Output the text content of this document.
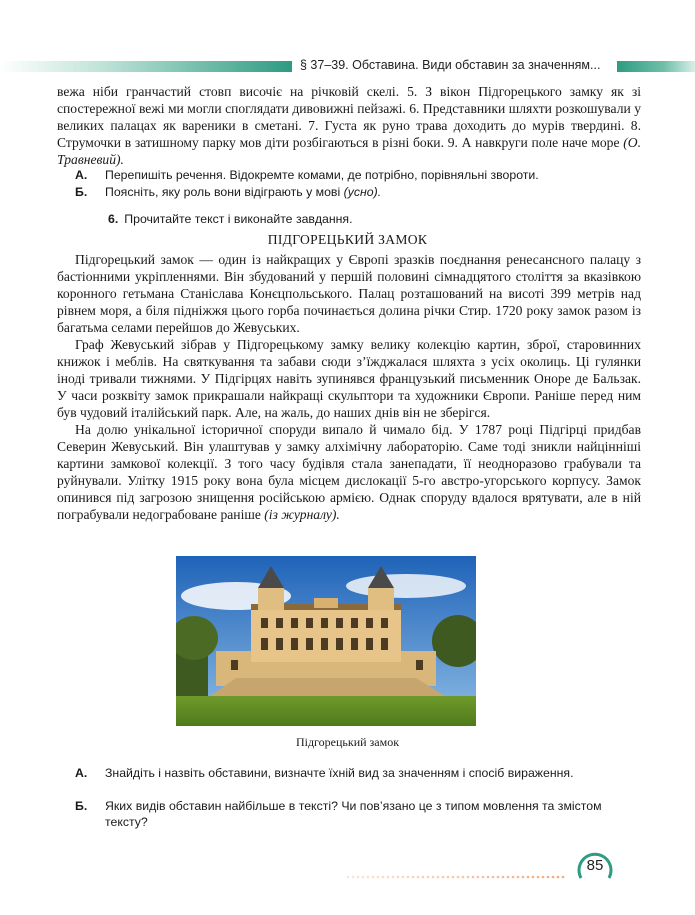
§ 37–39. Обставина. Види обставин за значенням...

вежа ніби гранчастий стовп височіє на річковій скелі. 5. З вікон Підгорецького замку як зі спостережної вежі ми могли споглядати дивовижні пейзажі. 6. Представники шляхти розкошували у великих палацах як вареники в сметані. 7. Густа як руно трава доходить до мурів твердині. 8. Струмочки в затишному парку мов діти розбігаються в різні боки. 9. А навкруги поле наче море (О. Травневий).

А. Перепишіть речення. Відокремте комами, де потрібно, порівняльні звороти.
Б. Поясніть, яку роль вони відіграють у мові (усно).
6. Прочитайте текст і виконайте завдання.
ПІДГОРЕЦЬКИЙ ЗАМОК

Підгорецький замок — один із найкращих у Європі зразків поєднання ренесансного палацу з бастіонними укріпленнями. Він збудований у першій половині сімнадцятого століття за вказівкою коронного гетьмана Станіслава Конєцпольського. Палац розташований на висоті 399 метрів над рівнем моря, а біля підніжжя цього горба починається долина річки Стир. 1720 року замок разом із багатьма селами перейшов до Жевуських.

Граф Жевуський зібрав у Підгорецькому замку велику колекцію картин, зброї, старовинних книжок і меблів. На святкування та забави сюди з’їжджалася шляхта з усіх околиць. Ці гулянки іноді тривали тижнями. У Підгірцях навіть зупинявся французький письменник Оноре де Бальзак. У часи розквіту замок прикрашали найкращі скульптори та художники Європи. Раніше перед ним був чудовий італійський парк. Але, на жаль, до наших днів він не зберігся.

На долю унікальної історичної споруди випало й чимало бід. У 1787 році Підгірці придбав Северин Жевуський. Він улаштував у замку алхімічну лабораторію. Саме тоді зникли найцінніші картини замкової колекції. З того часу будівля стала занепадати, її неодноразово грабували та руйнували. Улітку 1915 року вона була місцем дислокації 5-го австро-угорського корпусу. Замок опинився під загрозою знищення російською армією. Однак споруду вдалося врятувати, але в ній пограбували недограбоване раніше (із журналу).

Підгорецький замок
А. Знайдіть і назвіть обставини, визначте їхній вид за значенням і спосіб вираження.
Б. Яких видів обставин найбільше в тексті? Чи пов’язано це з типом мовлення та змістом тексту?
85
